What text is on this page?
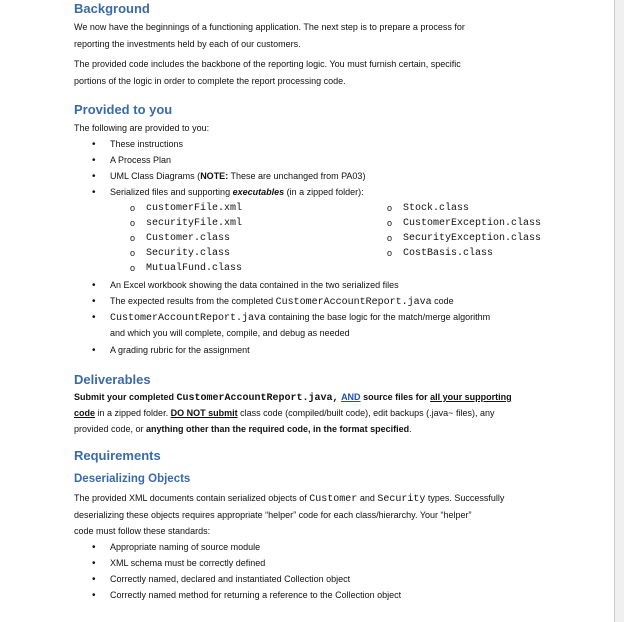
Background

We now have the beginnings of a functioning application. The next step is to prepare a process for

reporting the investments held by each of our customers.

The provided code includes the backbone of the reporting logic. You must furnish certain, specific

portions of the logic in order to complete the report processing code.

Provided to you

The following are provided to you:

• These instructions
• A Process Plan
• UML Class Diagrams (NOTE: These are unchanged from PA03)
• Serialized files and supporting executables (in a zipped folder):
o customerFile.xml
o securityFile.xml
o Customer.class
o Security.class
o MutualFund.class
o Stock.class
o CustomerException.class
o SecurityException.class
o CostBasis.class
• An Excel workbook showing the data contained in the two serialized files
• The expected results from the completed CustomerAccountReport.java code
• CustomerAccountReport.java containing the base logic for the match/merge algorithm

and which you will complete, compile, and debug as needed

• A grading rubric for the assignment
Deliverables

Submit your completed CustomerAccountReport.java, AND source files for all your supporting

code in a zipped folder. DO NOT submit class code (compiled/built code), edit backups (.java~ files), any

provided code, or anything other than the required code, in the format specified.

Requirements
Deserializing Objects

The provided XML documents contain serialized objects of Customer and Security types. Successfully

deserializing these objects requires appropriate “helper” code for each class/hierarchy. Your “helper”

code must follow these standards:

• Appropriate naming of source module
• XML schema must be correctly defined
• Correctly named, declared and instantiated Collection object
• Correctly named method for returning a reference to the Collection object
